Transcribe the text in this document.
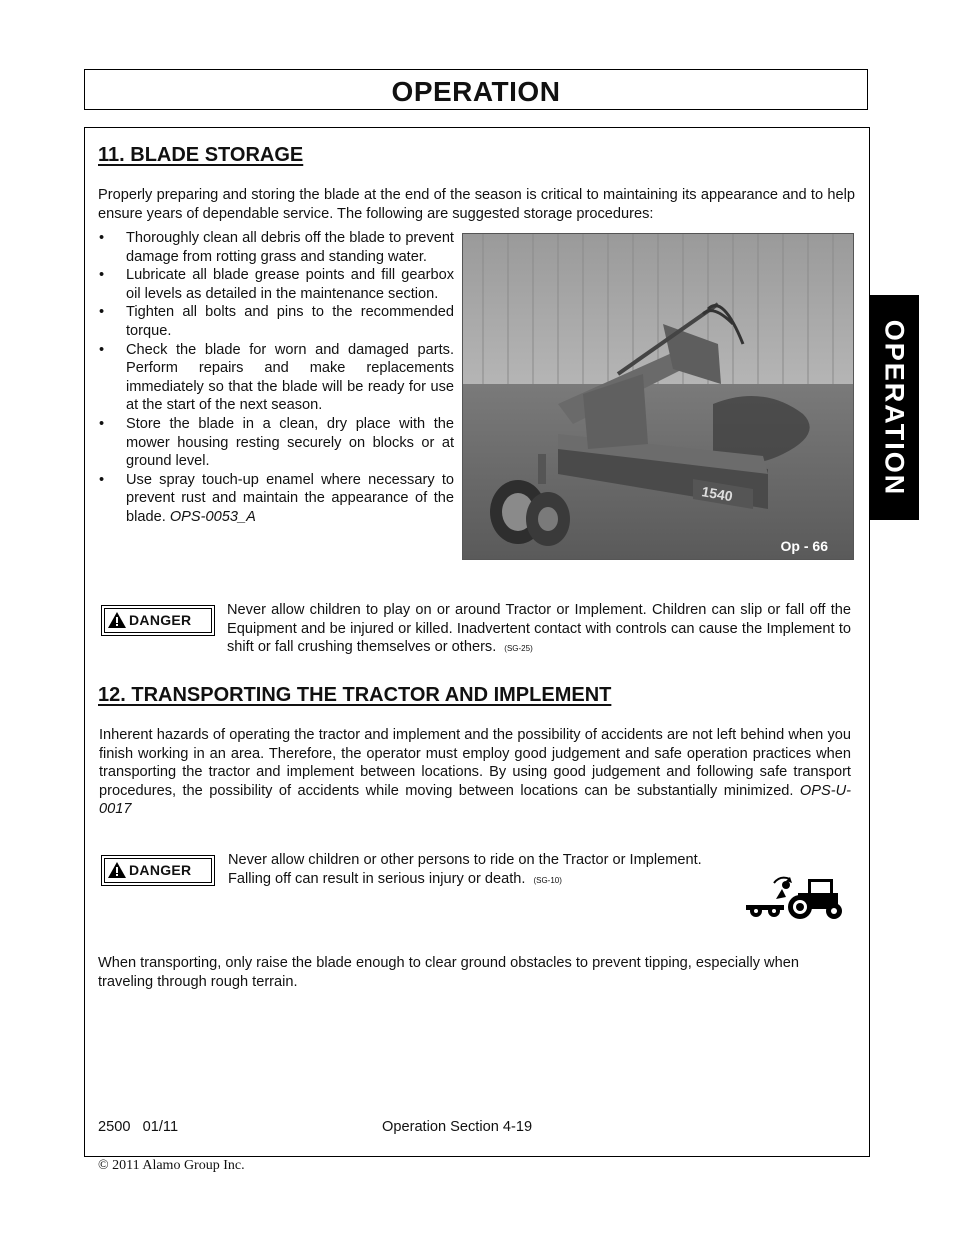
OPERATION
OPERATION
11. BLADE STORAGE

Properly preparing and storing the blade at the end of the season is critical to maintaining its appearance and to help ensure years of dependable service. The following are suggested storage procedures:

• Thoroughly clean all debris off the blade to prevent damage from rotting grass and standing water.
• Lubricate all blade grease points and fill gearbox oil levels as detailed in the maintenance section.
• Tighten all bolts and pins to the recommended torque.
• Check the blade for worn and damaged parts. Perform repairs and make replacements immediately so that the blade will be ready for use at the start of the next season.
• Store the blade in a clean, dry place with the mower housing resting securely on blocks or at ground level.
• Use spray touch-up enamel where necessary to prevent rust and maintain the appearance of the blade. OPS-0053_A
1540
Op - 66
DANGER

Never allow children to play on or around Tractor or Implement. Children can slip or fall off the Equipment and be injured or killed. Inadvertent contact with controls can cause the Implement to shift or fall crushing themselves or others. (SG-25)

12. TRANSPORTING THE TRACTOR AND IMPLEMENT

Inherent hazards of operating the tractor and implement and the possibility of accidents are not left behind when you finish working in an area. Therefore, the operator must employ good judgement and safe operation practices when transporting the tractor and implement between locations. By using good judgement and following safe transport procedures, the possibility of accidents while moving between locations can be substantially minimized. OPS-U- 0017

DANGER
Never allow children or other persons to ride on the Tractor or Implement.
Falling off can result in serious injury or death. (SG-10)

When transporting, only raise the blade enough to clear ground obstacles to prevent tipping, especially when traveling through rough terrain.

2500   01/11	Operation Section 4-19
© 2011 Alamo Group Inc.
